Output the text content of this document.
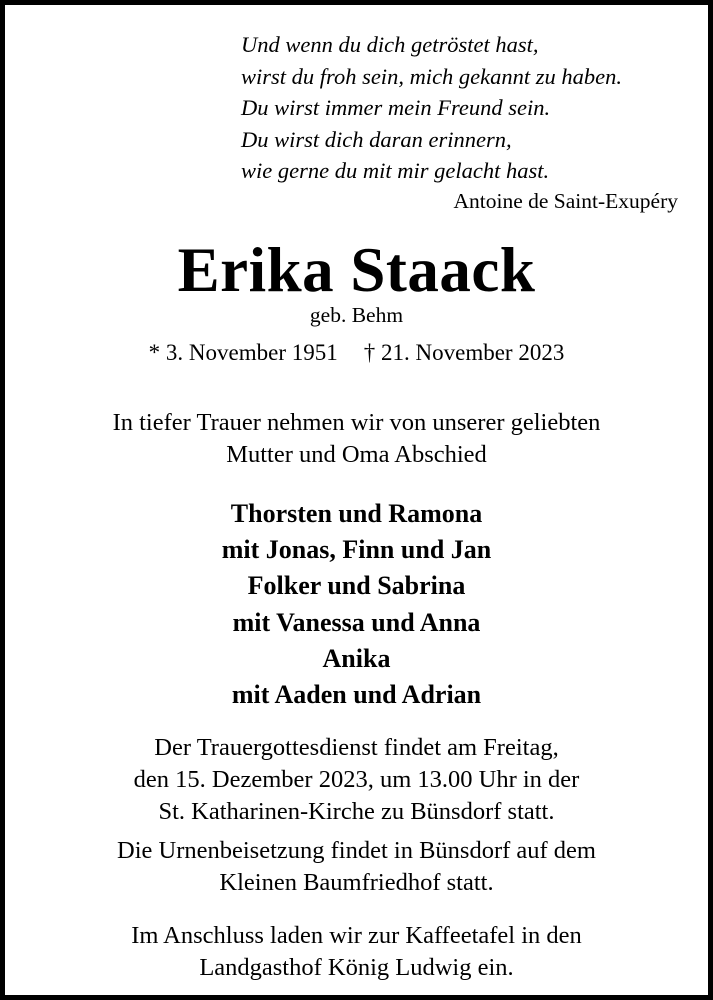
Und wenn du dich getröstet hast,
wirst du froh sein, mich gekannt zu haben.
Du wirst immer mein Freund sein.
Du wirst dich daran erinnern,
wie gerne du mit mir gelacht hast.
Antoine de Saint-Exupéry
Erika Staack
geb. Behm
* 3. November 1951 † 21. November 2023
In tiefer Trauer nehmen wir von unserer geliebten
Mutter und Oma Abschied
Thorsten und Ramona
mit Jonas, Finn und Jan
Folker und Sabrina
mit Vanessa und Anna
Anika
mit Aaden und Adrian
Der Trauergottesdienst findet am Freitag,
den 15. Dezember 2023, um 13.00 Uhr in der
St. Katharinen-Kirche zu Bünsdorf statt.
Die Urnenbeisetzung findet in Bünsdorf auf dem
Kleinen Baumfriedhof statt.
Im Anschluss laden wir zur Kaffeetafel in den
Landgasthof König Ludwig ein.
